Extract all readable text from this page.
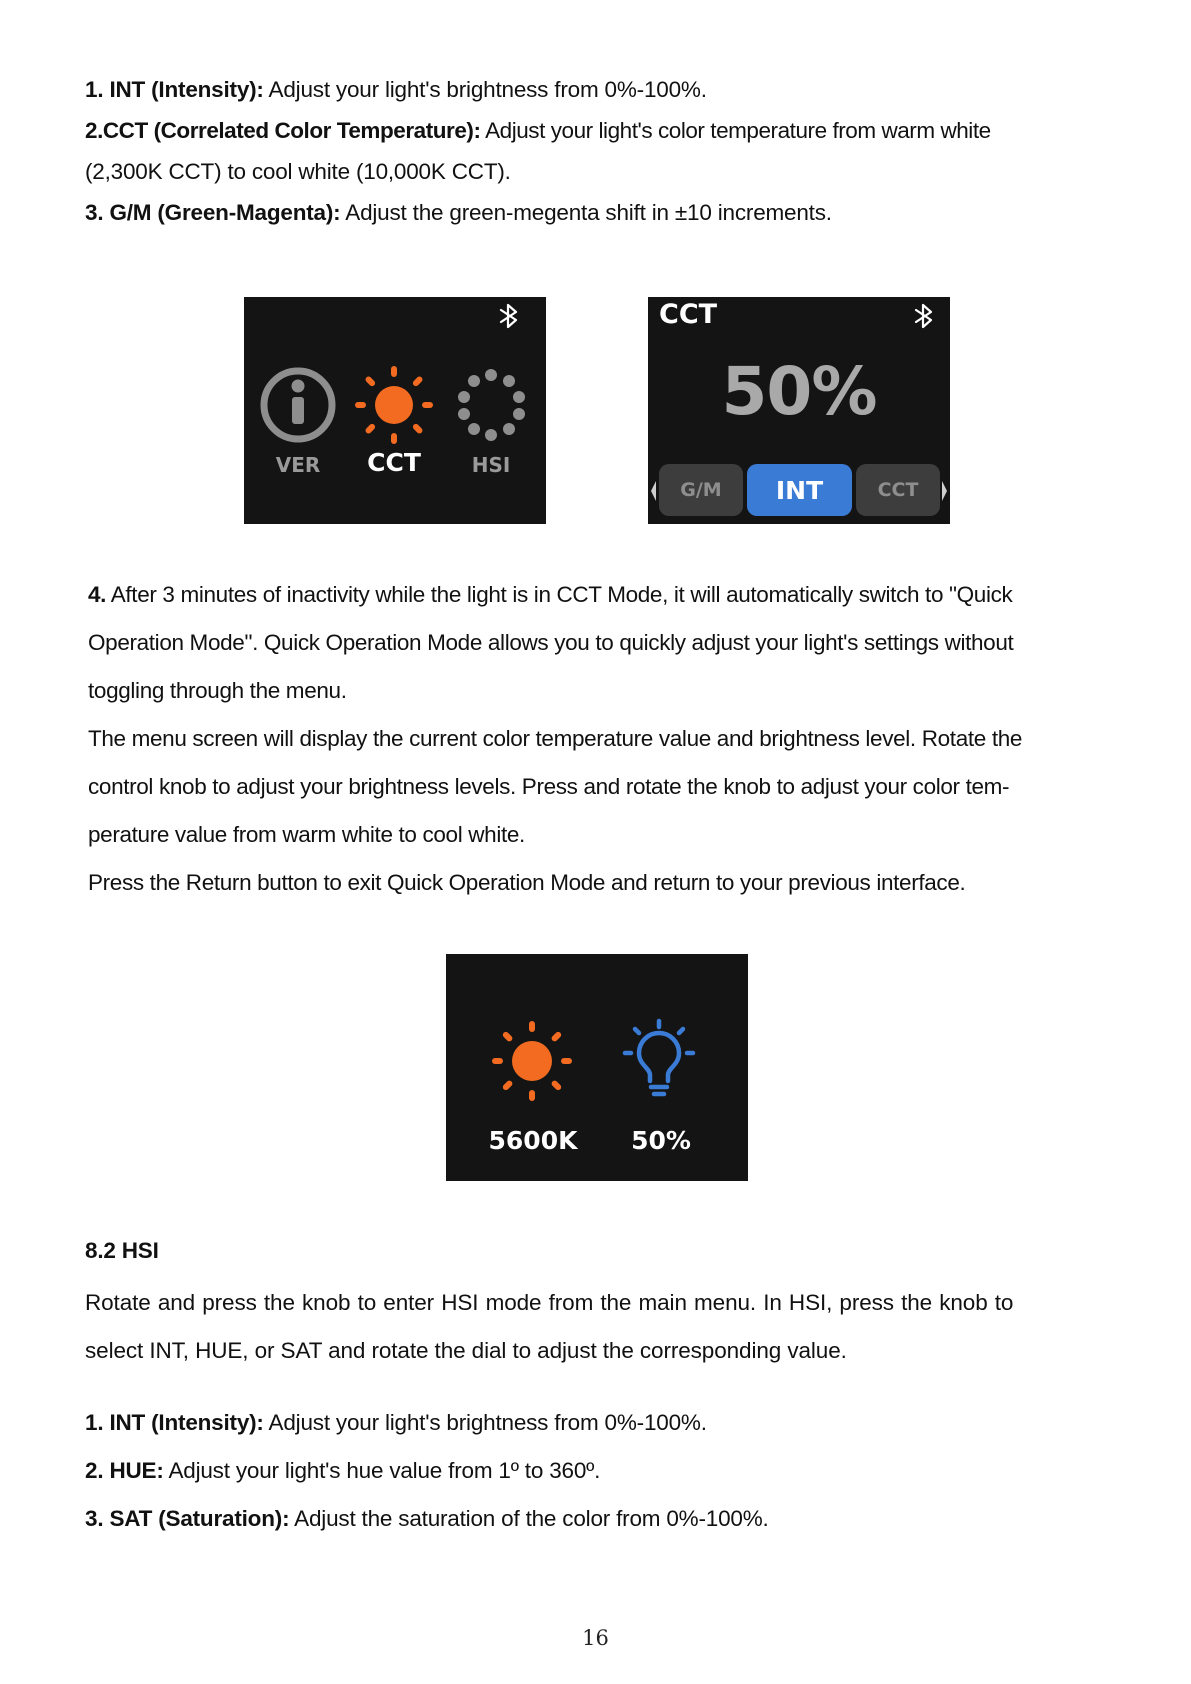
1. INT (Intensity): Adjust your light's brightness from 0%-100%.
2.CCT (Correlated Color Temperature): Adjust your light's color temperature from warm white
(2,300K CCT) to cool white (10,000K CCT).
3. G/M (Green-Magenta): Adjust the green-megenta shift in ±10 increments.
VER	CCT	HSI
CCT
50%
G/M	INT	CCT
4. After 3 minutes of inactivity while the light is in CCT Mode, it will automatically switch to "Quick
Operation Mode". Quick Operation Mode allows you to quickly adjust your light's settings without
toggling through the menu.
The menu screen will display the current color temperature value and brightness level. Rotate the
control knob to adjust your brightness levels. Press and rotate the knob to adjust your color tem-
perature value from warm white to cool white.
Press the Return button to exit Quick Operation Mode and return to your previous interface.
5600K	50%
8.2 HSI
Rotate and press the knob to enter HSI mode from the main menu. In HSI, press the knob to
select INT, HUE, or SAT and rotate the dial to adjust the corresponding value.
1. INT (Intensity): Adjust your light's brightness from 0%-100%.
2. HUE: Adjust your light's hue value from 1º to 360º.
3. SAT (Saturation): Adjust the saturation of the color from 0%-100%.
16
